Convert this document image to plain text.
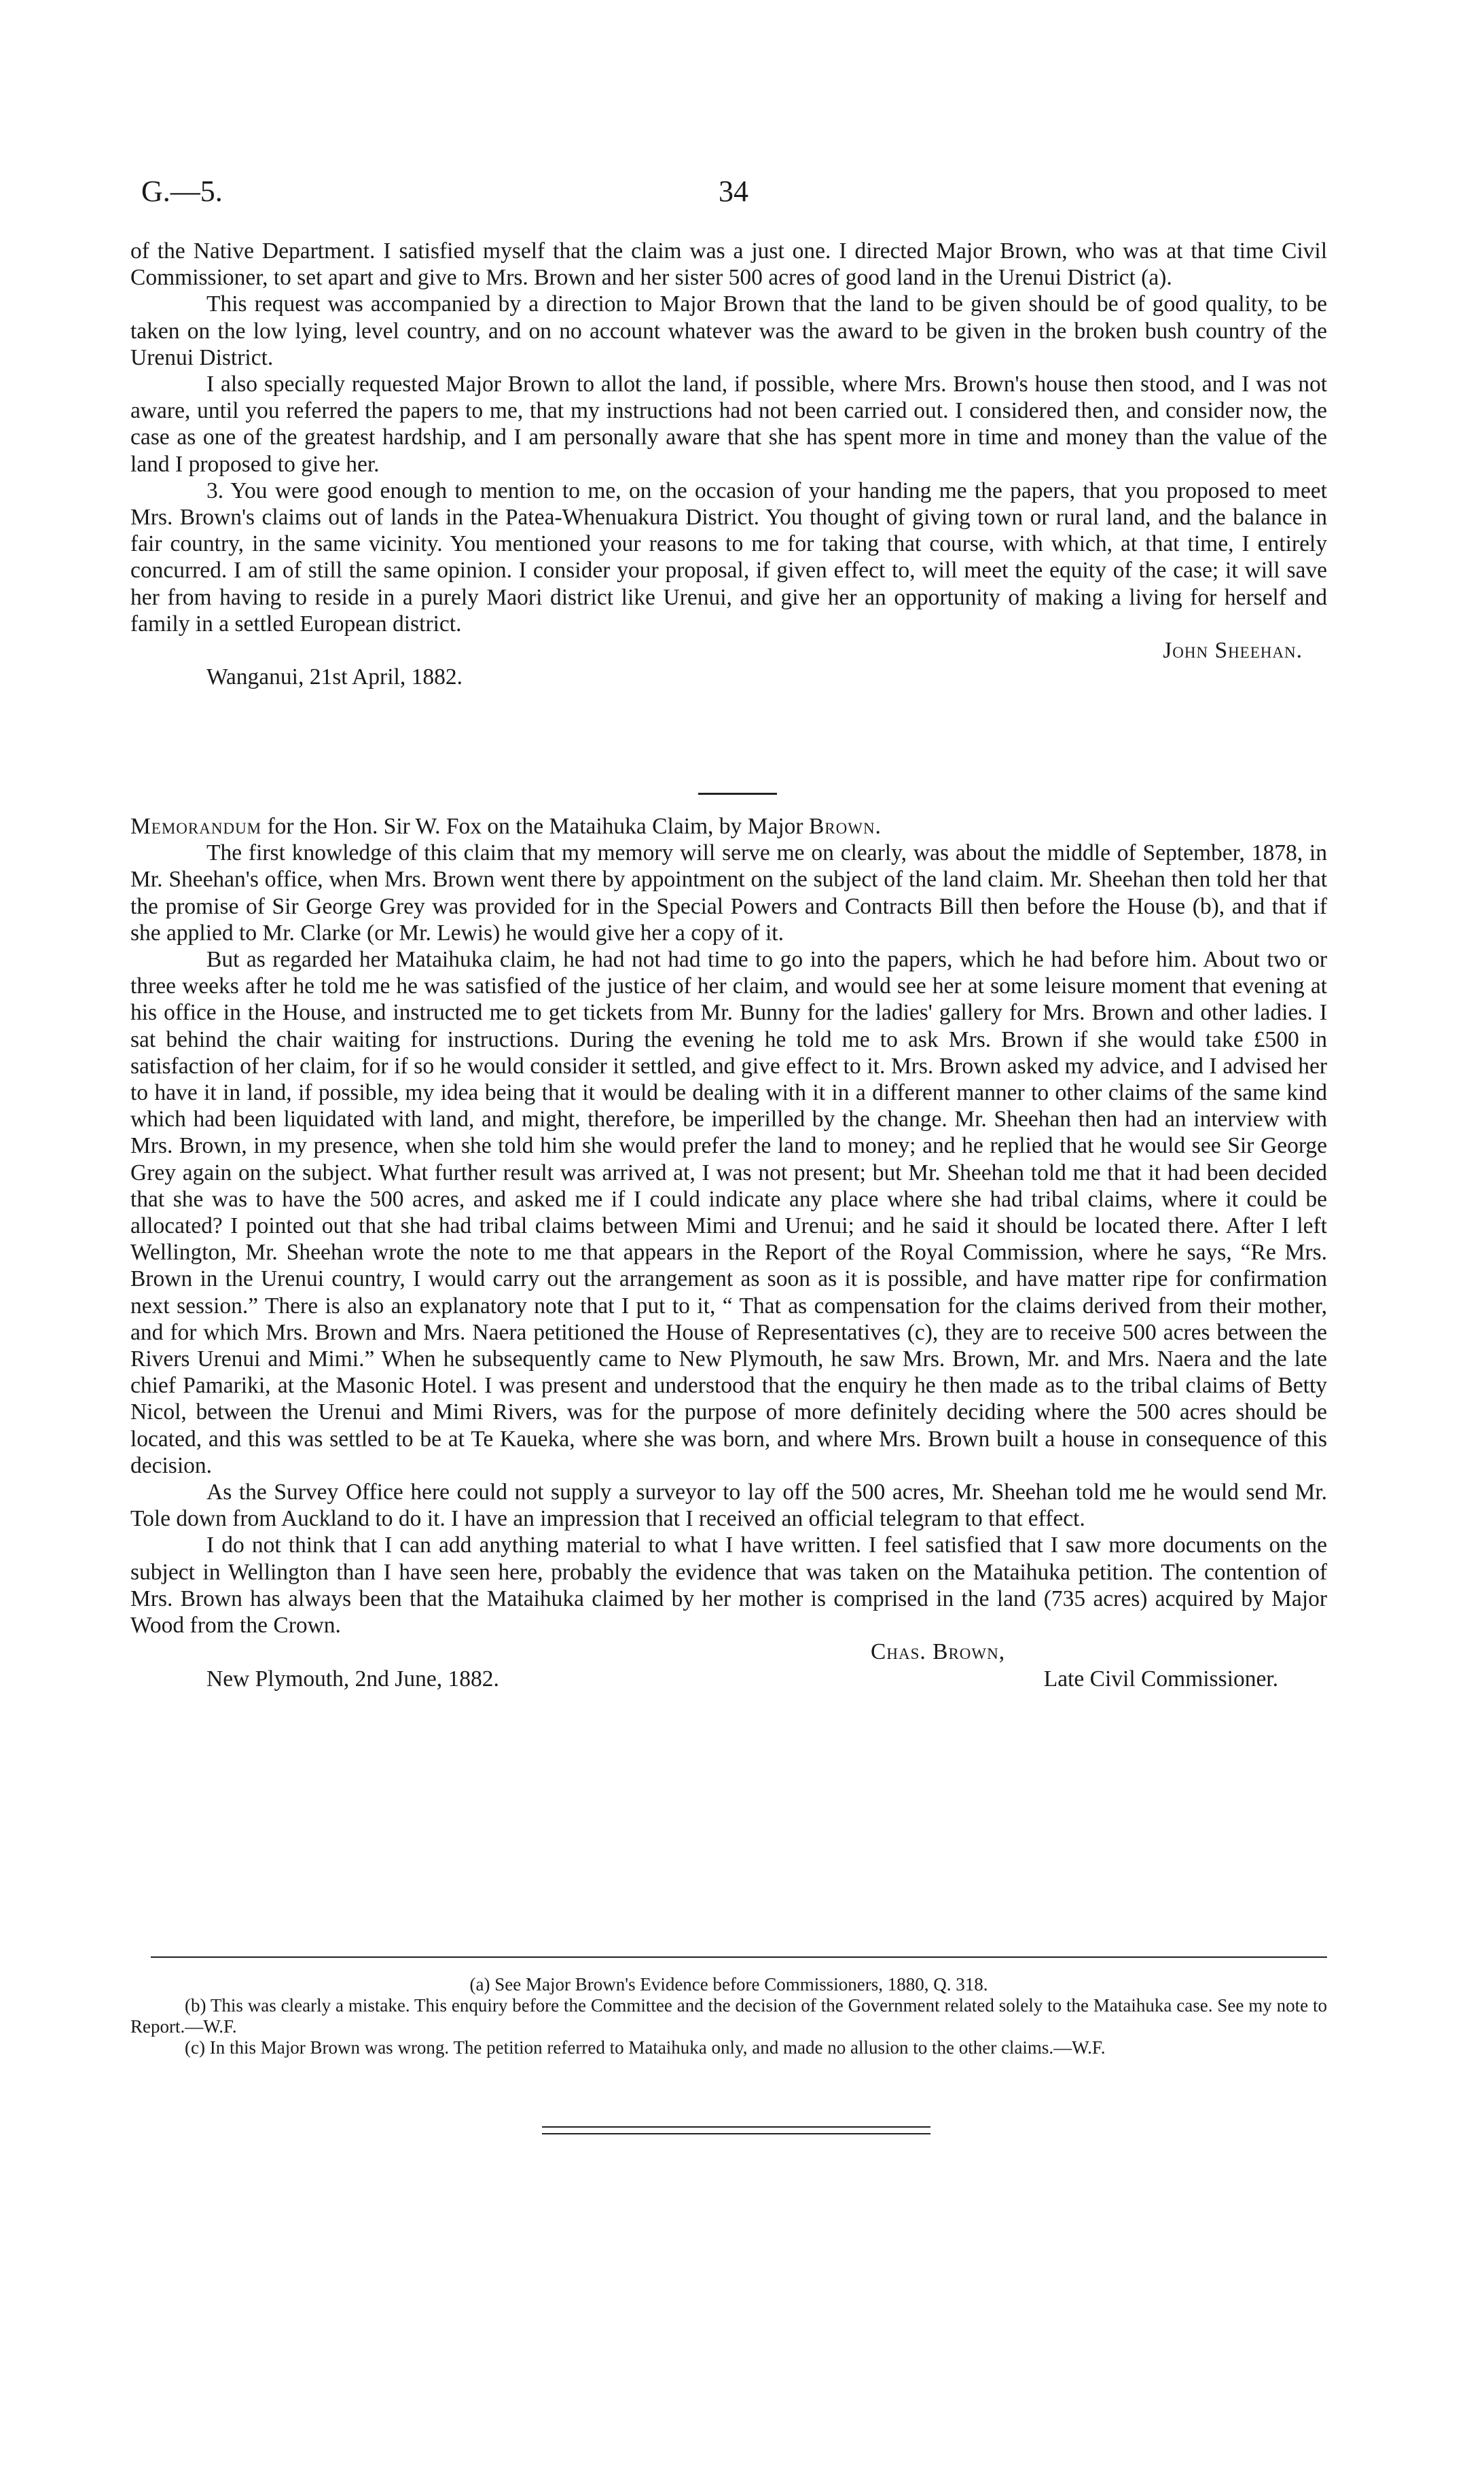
G.—5.	34

of the Native Department. I satisfied myself that the claim was a just one. I directed Major Brown, who was at that time Civil Commissioner, to set apart and give to Mrs. Brown and her sister 500 acres of good land in the Urenui District (a).

This request was accompanied by a direction to Major Brown that the land to be given should be of good quality, to be taken on the low lying, level country, and on no account whatever was the award to be given in the broken bush country of the Urenui District.

I also specially requested Major Brown to allot the land, if possible, where Mrs. Brown's house then stood, and I was not aware, until you referred the papers to me, that my instructions had not been carried out. I considered then, and consider now, the case as one of the greatest hardship, and I am personally aware that she has spent more in time and money than the value of the land I proposed to give her.

3. You were good enough to mention to me, on the occasion of your handing me the papers, that you proposed to meet Mrs. Brown's claims out of lands in the Patea-Whenuakura District. You thought of giving town or rural land, and the balance in fair country, in the same vicinity. You mentioned your reasons to me for taking that course, with which, at that time, I entirely concurred. I am of still the same opinion. I consider your proposal, if given effect to, will meet the equity of the case; it will save her from having to reside in a purely Maori district like Urenui, and give her an opportunity of making a living for herself and family in a settled European district.

John Sheehan.

Wanganui, 21st April, 1882.

Memorandum for the Hon. Sir W. Fox on the Mataihuka Claim, by Major Brown.

The first knowledge of this claim that my memory will serve me on clearly, was about the middle of September, 1878, in Mr. Sheehan's office, when Mrs. Brown went there by appointment on the subject of the land claim. Mr. Sheehan then told her that the promise of Sir George Grey was provided for in the Special Powers and Contracts Bill then before the House (b), and that if she applied to Mr. Clarke (or Mr. Lewis) he would give her a copy of it.

But as regarded her Mataihuka claim, he had not had time to go into the papers, which he had before him. About two or three weeks after he told me he was satisfied of the justice of her claim, and would see her at some leisure moment that evening at his office in the House, and instructed me to get tickets from Mr. Bunny for the ladies' gallery for Mrs. Brown and other ladies. I sat behind the chair waiting for instructions. During the evening he told me to ask Mrs. Brown if she would take £500 in satisfaction of her claim, for if so he would consider it settled, and give effect to it. Mrs. Brown asked my advice, and I advised her to have it in land, if possible, my idea being that it would be dealing with it in a different manner to other claims of the same kind which had been liquidated with land, and might, therefore, be imperilled by the change. Mr. Sheehan then had an interview with Mrs. Brown, in my presence, when she told him she would prefer the land to money; and he replied that he would see Sir George Grey again on the subject. What further result was arrived at, I was not present; but Mr. Sheehan told me that it had been decided that she was to have the 500 acres, and asked me if I could indicate any place where she had tribal claims, where it could be allocated? I pointed out that she had tribal claims between Mimi and Urenui; and he said it should be located there. After I left Wellington, Mr. Sheehan wrote the note to me that appears in the Report of the Royal Commission, where he says, “Re Mrs. Brown in the Urenui country, I would carry out the arrangement as soon as it is possible, and have matter ripe for confirmation next session.” There is also an explanatory note that I put to it, “ That as compensation for the claims derived from their mother, and for which Mrs. Brown and Mrs. Naera petitioned the House of Representatives (c), they are to receive 500 acres between the Rivers Urenui and Mimi.” When he subsequently came to New Plymouth, he saw Mrs. Brown, Mr. and Mrs. Naera and the late chief Pamariki, at the Masonic Hotel. I was present and understood that the enquiry he then made as to the tribal claims of Betty Nicol, between the Urenui and Mimi Rivers, was for the purpose of more definitely deciding where the 500 acres should be located, and this was settled to be at Te Kaueka, where she was born, and where Mrs. Brown built a house in consequence of this decision.

As the Survey Office here could not supply a surveyor to lay off the 500 acres, Mr. Sheehan told me he would send Mr. Tole down from Auckland to do it. I have an impression that I received an official telegram to that effect.

I do not think that I can add anything material to what I have written. I feel satisfied that I saw more documents on the subject in Wellington than I have seen here, probably the evidence that was taken on the Mataihuka petition. The contention of Mrs. Brown has always been that the Mataihuka claimed by her mother is comprised in the land (735 acres) acquired by Major Wood from the Crown.

Chas. Brown,

New Plymouth, 2nd June, 1882.	Late Civil Commissioner.

(a) See Major Brown's Evidence before Commissioners, 1880, Q. 318.

(b) This was clearly a mistake. This enquiry before the Committee and the decision of the Government related solely to the Mataihuka case. See my note to Report.—W.F.

(c) In this Major Brown was wrong. The petition referred to Mataihuka only, and made no allusion to the other claims.—W.F.
